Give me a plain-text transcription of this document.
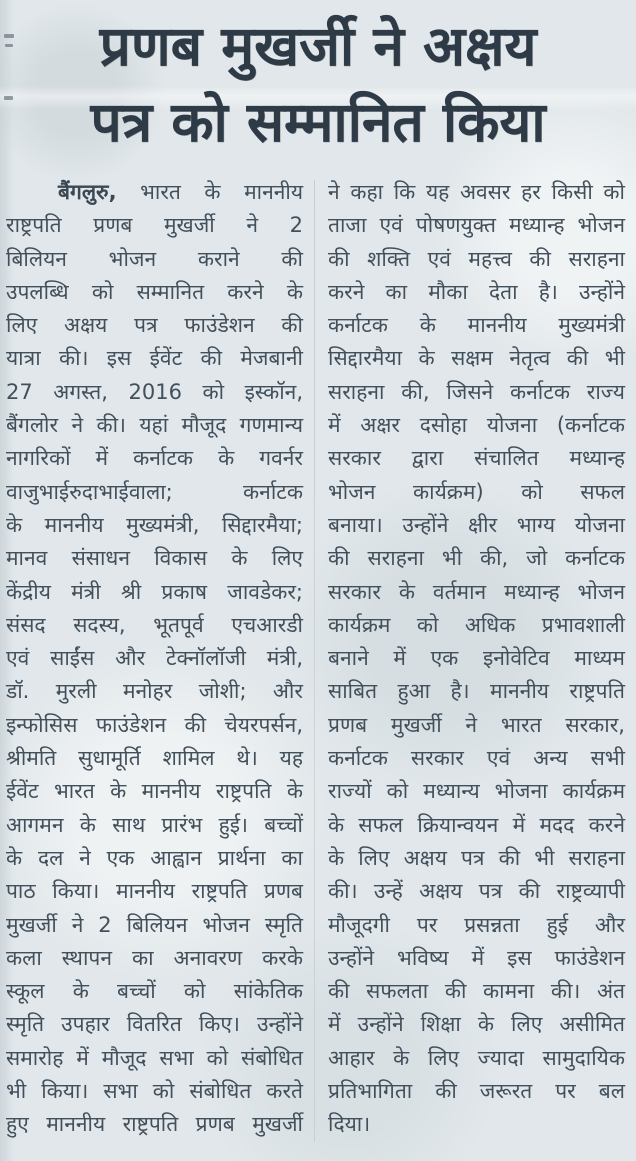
प्रणब मुखर्जी ने अक्षय
पत्र को सम्मानित किया
बैंगलुरु, भारत के माननीय
राष्ट्रपति प्रणब मुखर्जी ने 2
बिलियन भोजन कराने की
उपलब्धि को सम्मानित करने के
लिए अक्षय पत्र फाउंडेशन की
यात्रा की। इस ईवेंट की मेजबानी
27 अगस्त, 2016 को इस्कॉन,
बैंगलोर ने की। यहां मौजूद गणमान्य
नागरिकों में कर्नाटक के गवर्नर
वाजुभाईरुदाभाईवाला; कर्नाटक
के माननीय मुख्यमंत्री, सिद्दारमैया;
मानव संसाधन विकास के लिए
केंद्रीय मंत्री श्री प्रकाष जावडेकर;
संसद सदस्य, भूतपूर्व एचआरडी
एवं साईंस और टेक्नॉलॉजी मंत्री,
डॉ. मुरली मनोहर जोशी; और
इन्फोसिस फाउंडेशन की चेयरपर्सन,
श्रीमति सुधामूर्ति शामिल थे। यह
ईवेंट भारत के माननीय राष्ट्रपति के
आगमन के साथ प्रारंभ हुई। बच्चों
के दल ने एक आह्वान प्रार्थना का
पाठ किया। माननीय राष्ट्रपति प्रणब
मुखर्जी ने 2 बिलियन भोजन स्मृति
कला स्थापन का अनावरण करके
स्कूल के बच्चों को सांकेतिक
स्मृति उपहार वितरित किए। उन्होंने
समारोह में मौजूद सभा को संबोधित
भी किया। सभा को संबोधित करते
हुए माननीय राष्ट्रपति प्रणब मुखर्जी
ने कहा कि यह अवसर हर किसी को
ताजा एवं पोषणयुक्त मध्यान्ह भोजन
की शक्ति एवं महत्त्व की सराहना
करने का मौका देता है। उन्होंने
कर्नाटक के माननीय मुख्यमंत्री
सिद्दारमैया के सक्षम नेतृत्व की भी
सराहना की, जिसने कर्नाटक राज्य
में अक्षर दसोहा योजना (कर्नाटक
सरकार द्वारा संचालित मध्यान्ह
भोजन कार्यक्रम) को सफल
बनाया। उन्होंने क्षीर भाग्य योजना
की सराहना भी की, जो कर्नाटक
सरकार के वर्तमान मध्यान्ह भोजन
कार्यक्रम को अधिक प्रभावशाली
बनाने में एक इनोवेटिव माध्यम
साबित हुआ है। माननीय राष्ट्रपति
प्रणब मुखर्जी ने भारत सरकार,
कर्नाटक सरकार एवं अन्य सभी
राज्यों को मध्यान्य भोजना कार्यक्रम
के सफल क्रियान्वयन में मदद करने
के लिए अक्षय पत्र की भी सराहना
की। उन्हें अक्षय पत्र की राष्ट्रव्यापी
मौजूदगी पर प्रसन्नता हुई और
उन्होंने भविष्य में इस फाउंडेशन
की सफलता की कामना की। अंत
में उन्होंने शिक्षा के लिए असीमित
आहार के लिए ज्यादा सामुदायिक
प्रतिभागिता की जरूरत पर बल
दिया।
